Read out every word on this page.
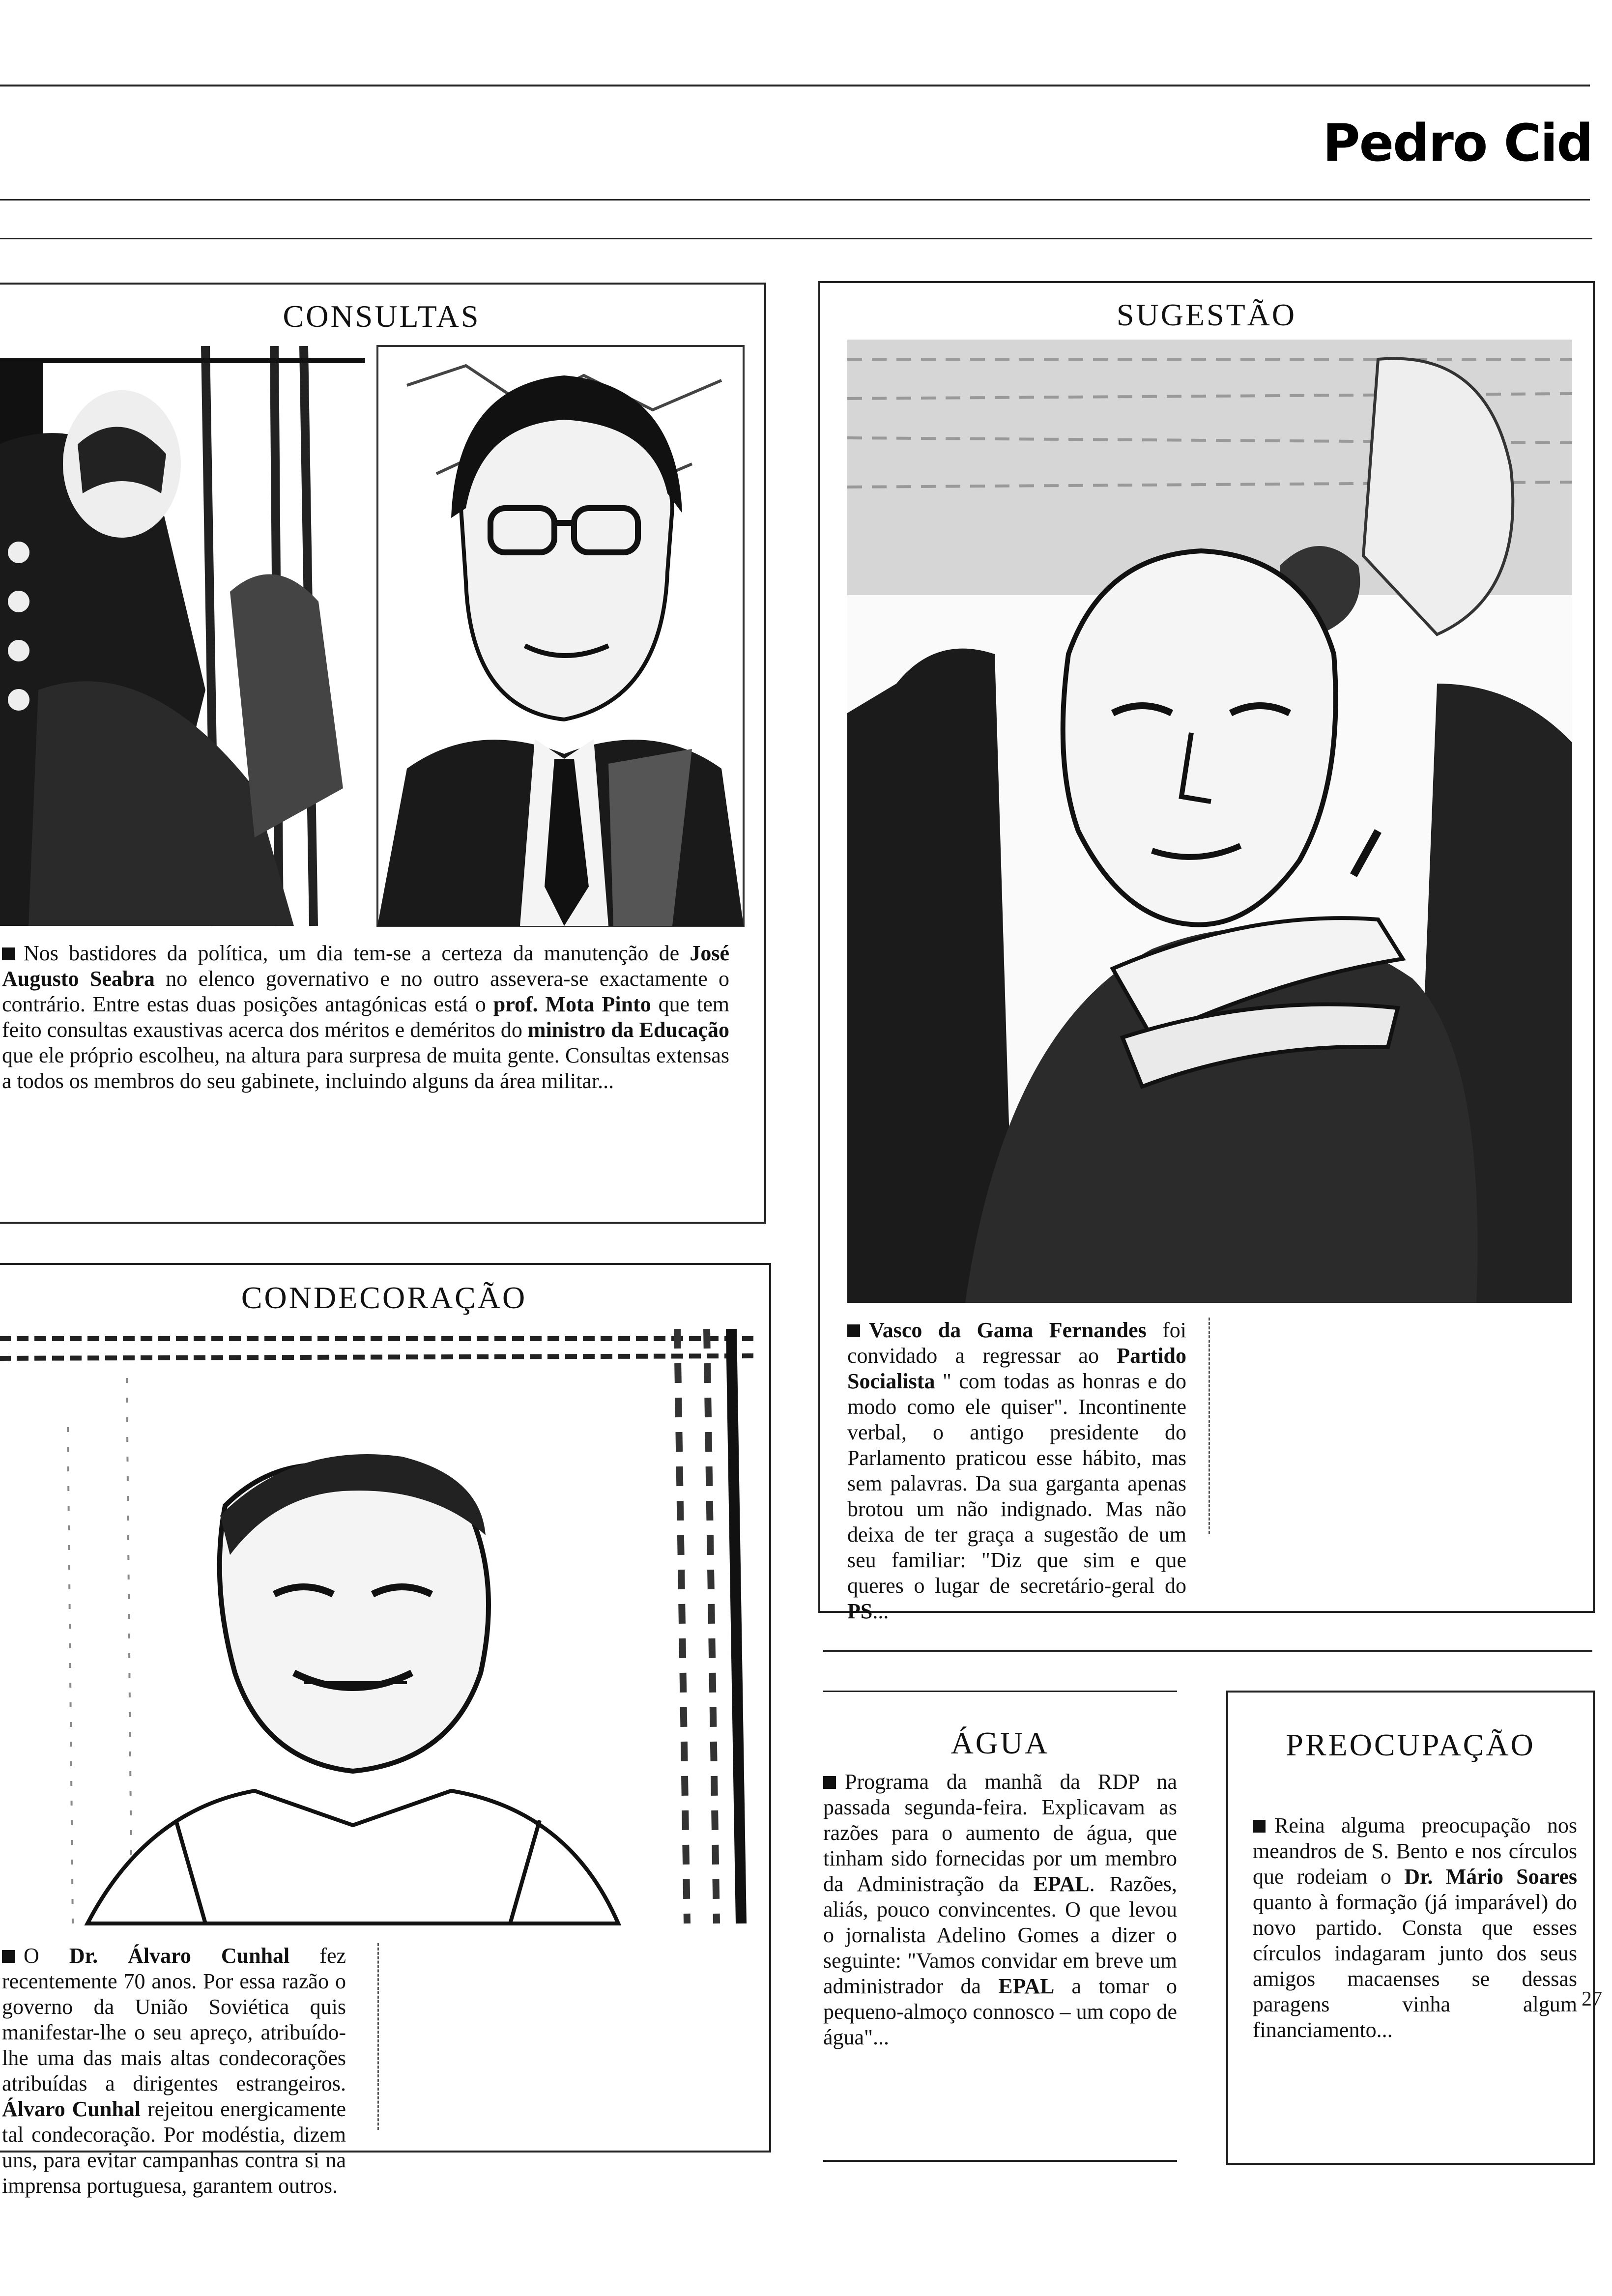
Pedro Cid
CONSULTAS
Nos bastidores da política, um dia tem-se a certeza da manutenção de José Augusto Seabra no elenco governativo e no outro assevera-se exactamente o contrário. Entre estas duas posições antagónicas está o prof. Mota Pinto que tem feito consultas exaustivas acerca dos méritos e deméritos do ministro da Educação que ele próprio escolheu, na altura para surpresa de muita gente. Consultas extensas a todos os membros do seu gabinete, incluindo alguns da área militar...
SUGESTÃO
Vasco da Gama Fernandes foi convidado a regressar ao Partido Socialista " com todas as honras e do modo como ele quiser". Incontinente verbal, o antigo presidente do Parlamento praticou esse hábito, mas sem palavras. Da sua garganta apenas brotou um não indignado. Mas não deixa de ter graça a sugestão de um seu familiar: "Diz que sim e que queres o lugar de secretário-geral do PS...
CONDECORAÇÃO
O Dr. Álvaro Cunhal fez recentemente 70 anos. Por essa razão o governo da União Soviética quis manifestar-lhe o seu apreço, atribuído-lhe uma das mais altas condecorações atribuídas a dirigentes estrangeiros. Álvaro Cunhal rejeitou energicamente tal condecoração. Por modéstia, dizem uns, para evitar campanhas contra si na imprensa portuguesa, garantem outros.
ÁGUA
Programa da manhã da RDP na passada segunda-feira. Explicavam as razões para o aumento de água, que tinham sido fornecidas por um membro da Administração da EPAL. Razões, aliás, pouco convincentes. O que levou o jornalista Adelino Gomes a dizer o seguinte: "Vamos convidar em breve um administrador da EPAL a tomar o pequeno-almoço connosco – um copo de água"...
PREOCUPAÇÃO
Reina alguma preocupação nos meandros de S. Bento e nos círculos que rodeiam o Dr. Mário Soares quanto à formação (já imparável) do novo partido. Consta que esses círculos indagaram junto dos seus amigos macaenses se dessas paragens vinha algum financiamento...
27
